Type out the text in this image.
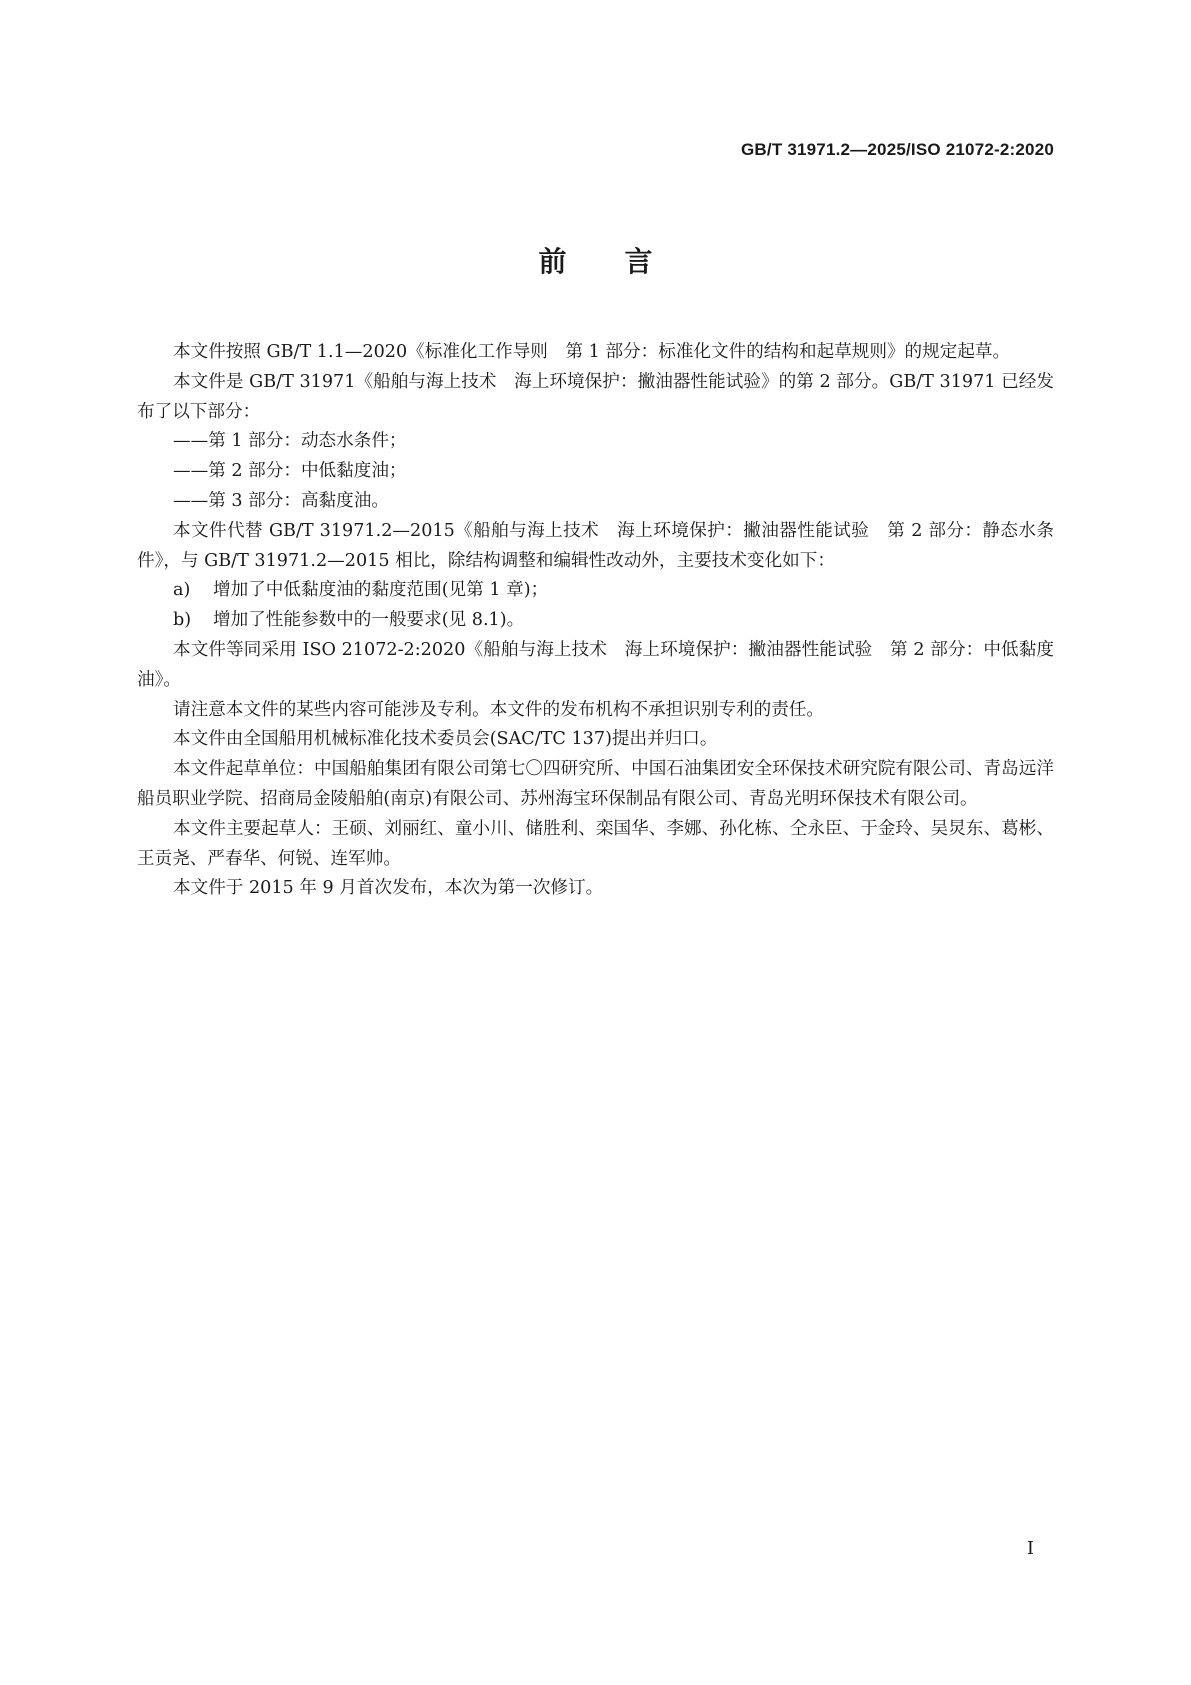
GB/T 31971.2—2025/ISO 21072-2:2020
前 言

本文件按照 GB/T 1.1—2020《标准化工作导则　第 1 部分：标准化文件的结构和起草规则》的规定起草。

本文件是 GB/T 31971《船舶与海上技术　海上环境保护：撇油器性能试验》的第 2 部分。GB/T 31971 已经发布了以下部分：

——第 1 部分：动态水条件；

——第 2 部分：中低黏度油；

——第 3 部分：高黏度油。

本文件代替 GB/T 31971.2—2015《船舶与海上技术　海上环境保护：撇油器性能试验　第 2 部分：静态水条件》，与 GB/T 31971.2—2015 相比，除结构调整和编辑性改动外，主要技术变化如下：

a) 增加了中低黏度油的黏度范围(见第 1 章)；

b) 增加了性能参数中的一般要求(见 8.1)。

本文件等同采用 ISO 21072-2:2020《船舶与海上技术　海上环境保护：撇油器性能试验　第 2 部分：中低黏度油》。

请注意本文件的某些内容可能涉及专利。本文件的发布机构不承担识别专利的责任。

本文件由全国船用机械标准化技术委员会(SAC/TC 137)提出并归口。

本文件起草单位：中国船舶集团有限公司第七〇四研究所、中国石油集团安全环保技术研究院有限公司、青岛远洋船员职业学院、招商局金陵船舶(南京)有限公司、苏州海宝环保制品有限公司、青岛光明环保技术有限公司。

本文件主要起草人：王硕、刘丽红、童小川、储胜利、栾国华、李娜、孙化栋、仝永臣、于金玲、吴炅东、葛彬、王贡尧、严春华、何锐、连军帅。

本文件于 2015 年 9 月首次发布，本次为第一次修订。

I
